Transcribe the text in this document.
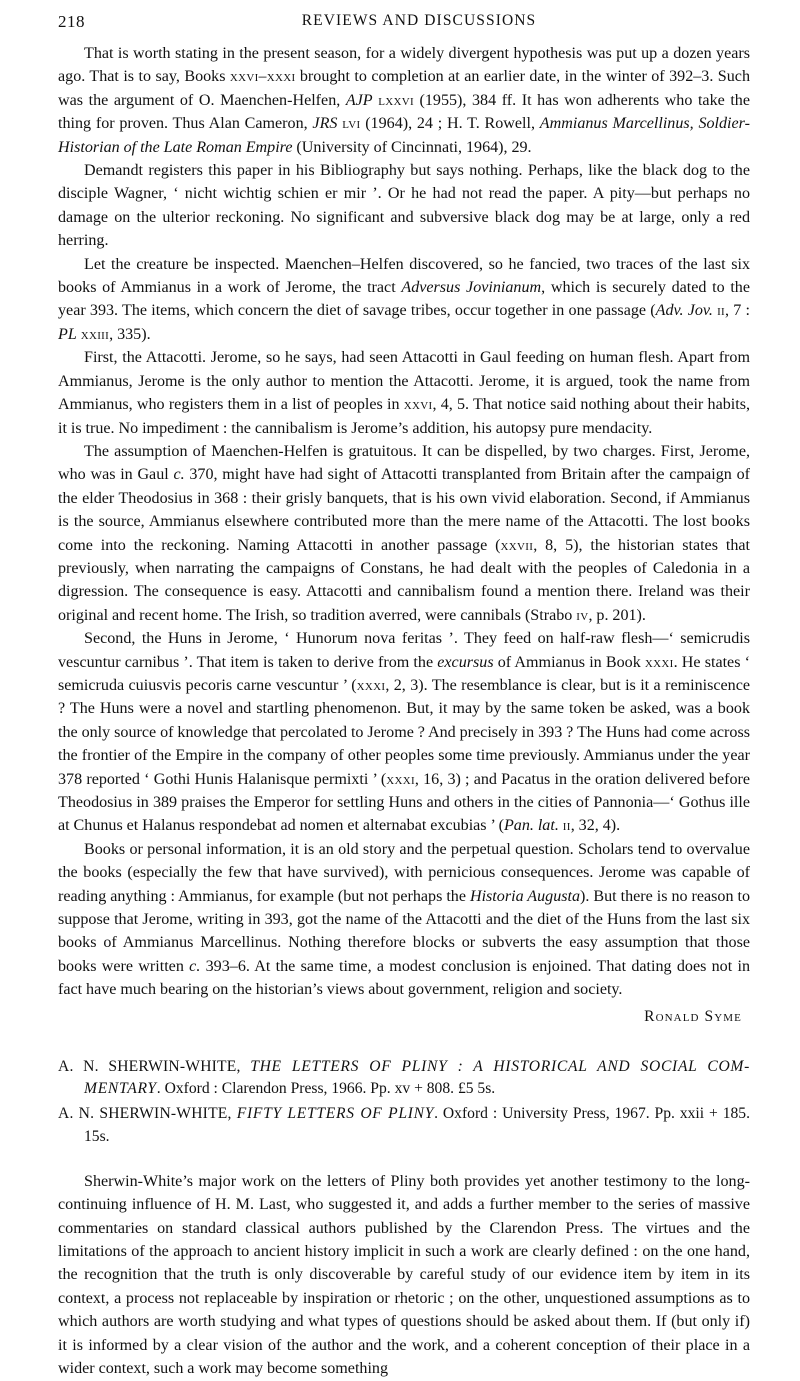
218	REVIEWS AND DISCUSSIONS

That is worth stating in the present season, for a widely divergent hypothesis was put up a dozen years ago. That is to say, Books xxvi–xxxi brought to completion at an earlier date, in the winter of 392–3. Such was the argument of O. Maenchen-Helfen, AJP lxxvi (1955), 384 ff. It has won adherents who take the thing for proven. Thus Alan Cameron, JRS lvi (1964), 24 ; H. T. Rowell, Ammianus Marcellinus, Soldier-Historian of the Late Roman Empire (University of Cincinnati, 1964), 29.

Demandt registers this paper in his Bibliography but says nothing. Perhaps, like the black dog to the disciple Wagner, ‘ nicht wichtig schien er mir ’. Or he had not read the paper. A pity—but perhaps no damage on the ulterior reckoning. No significant and subversive black dog may be at large, only a red herring.

Let the creature be inspected. Maenchen–Helfen discovered, so he fancied, two traces of the last six books of Ammianus in a work of Jerome, the tract Adversus Jovinianum, which is securely dated to the year 393. The items, which concern the diet of savage tribes, occur together in one passage (Adv. Jov. ii, 7 : PL xxiii, 335).

First, the Attacotti. Jerome, so he says, had seen Attacotti in Gaul feeding on human flesh. Apart from Ammianus, Jerome is the only author to mention the Attacotti. Jerome, it is argued, took the name from Ammianus, who registers them in a list of peoples in xxvi, 4, 5. That notice said nothing about their habits, it is true. No impediment : the cannibalism is Jerome’s addition, his autopsy pure mendacity.

The assumption of Maenchen-Helfen is gratuitous. It can be dispelled, by two charges. First, Jerome, who was in Gaul c. 370, might have had sight of Attacotti transplanted from Britain after the campaign of the elder Theodosius in 368 : their grisly banquets, that is his own vivid elaboration. Second, if Ammianus is the source, Ammianus elsewhere contributed more than the mere name of the Attacotti. The lost books come into the reckoning. Naming Attacotti in another passage (xxvii, 8, 5), the historian states that previously, when narrating the campaigns of Constans, he had dealt with the peoples of Caledonia in a digression. The consequence is easy. Attacotti and cannibalism found a mention there. Ireland was their original and recent home. The Irish, so tradition averred, were cannibals (Strabo iv, p. 201).

Second, the Huns in Jerome, ‘ Hunorum nova feritas ’. They feed on half-raw flesh—‘ semicrudis vescuntur carnibus ’. That item is taken to derive from the excursus of Ammianus in Book xxxi. He states ‘ semicruda cuiusvis pecoris carne vescuntur ’ (xxxi, 2, 3). The resemblance is clear, but is it a reminiscence ? The Huns were a novel and startling phenomenon. But, it may by the same token be asked, was a book the only source of knowledge that percolated to Jerome ? And precisely in 393 ? The Huns had come across the frontier of the Empire in the company of other peoples some time previously. Ammianus under the year 378 reported ‘ Gothi Hunis Halanisque permixti ’ (xxxi, 16, 3) ; and Pacatus in the oration delivered before Theodosius in 389 praises the Emperor for settling Huns and others in the cities of Pannonia—‘ Gothus ille at Chunus et Halanus respondebat ad nomen et alternabat excubias ’ (Pan. lat. ii, 32, 4).

Books or personal information, it is an old story and the perpetual question. Scholars tend to overvalue the books (especially the few that have survived), with pernicious consequences. Jerome was capable of reading anything : Ammianus, for example (but not perhaps the Historia Augusta). But there is no reason to suppose that Jerome, writing in 393, got the name of the Attacotti and the diet of the Huns from the last six books of Ammianus Marcellinus. Nothing therefore blocks or subverts the easy assumption that those books were written c. 393–6. At the same time, a modest conclusion is enjoined. That dating does not in fact have much bearing on the historian’s views about government, religion and society.

Ronald Syme
A. N. SHERWIN-WHITE, THE LETTERS OF PLINY : A HISTORICAL AND SOCIAL COM-MENTARY. Oxford : Clarendon Press, 1966. Pp. xv + 808. £5 5s.
A. N. SHERWIN-WHITE, FIFTY LETTERS OF PLINY. Oxford : University Press, 1967. Pp. xxii + 185. 15s.

Sherwin-White’s major work on the letters of Pliny both provides yet another testimony to the long-continuing influence of H. M. Last, who suggested it, and adds a further member to the series of massive commentaries on standard classical authors published by the Clarendon Press. The virtues and the limitations of the approach to ancient history implicit in such a work are clearly defined : on the one hand, the recognition that the truth is only discoverable by careful study of our evidence item by item in its context, a process not replaceable by inspiration or rhetoric ; on the other, unquestioned assumptions as to which authors are worth studying and what types of questions should be asked about them. If (but only if) it is informed by a clear vision of the author and the work, and a coherent conception of their place in a wider context, such a work may become something
